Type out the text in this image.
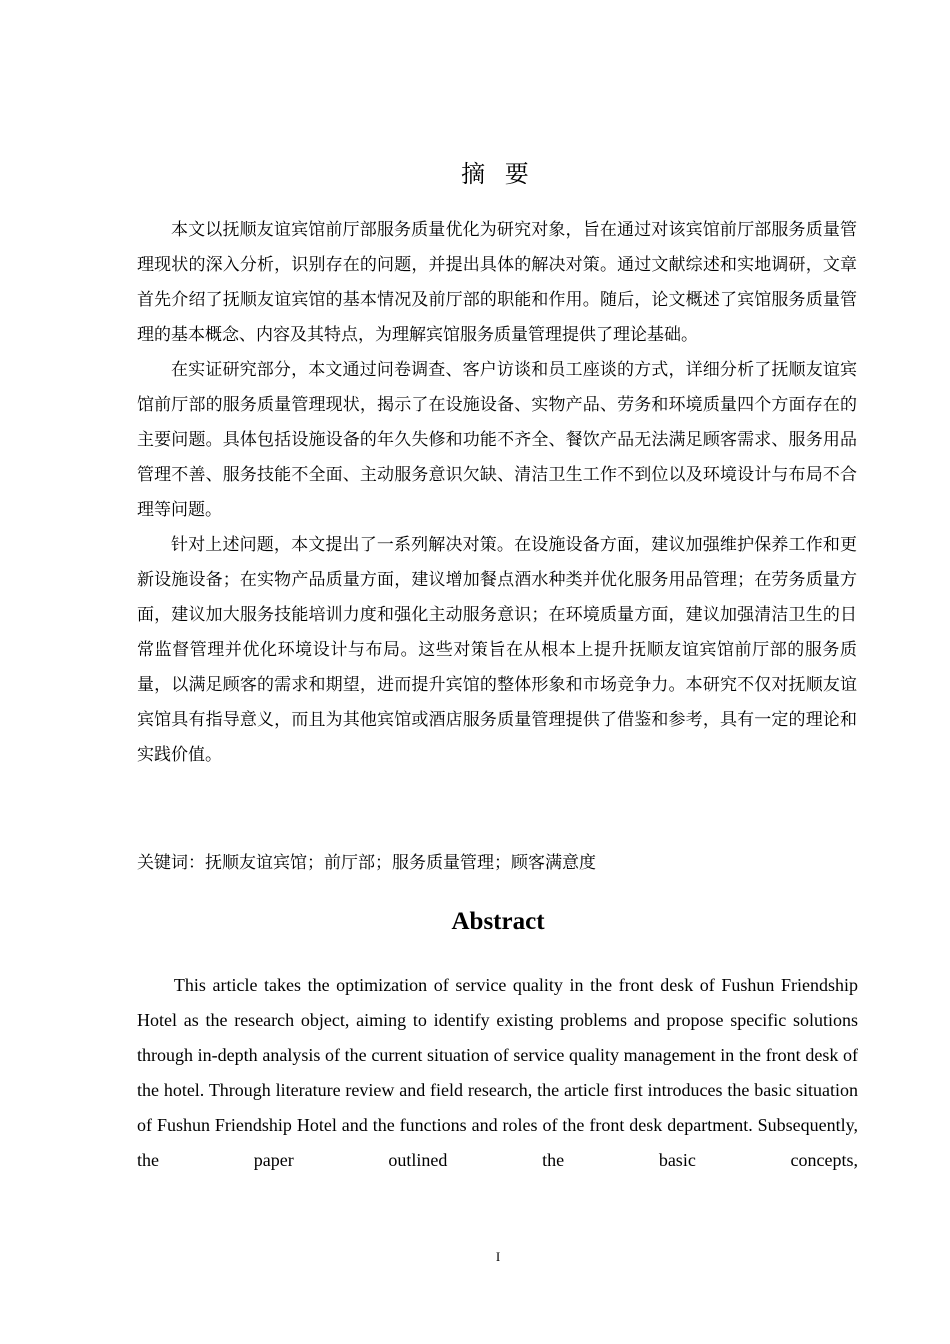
摘 要

本文以抚顺友谊宾馆前厅部服务质量优化为研究对象，旨在通过对该宾馆前厅部服务质量管理现状的深入分析，识别存在的问题，并提出具体的解决对策。通过文献综述和实地调研，文章首先介绍了抚顺友谊宾馆的基本情况及前厅部的职能和作用。随后，论文概述了宾馆服务质量管理的基本概念、内容及其特点，为理解宾馆服务质量管理提供了理论基础。

在实证研究部分，本文通过问卷调查、客户访谈和员工座谈的方式，详细分析了抚顺友谊宾馆前厅部的服务质量管理现状，揭示了在设施设备、实物产品、劳务和环境质量四个方面存在的主要问题。具体包括设施设备的年久失修和功能不齐全、餐饮产品无法满足顾客需求、服务用品管理不善、服务技能不全面、主动服务意识欠缺、清洁卫生工作不到位以及环境设计与布局不合理等问题。

针对上述问题，本文提出了一系列解决对策。在设施设备方面，建议加强维护保养工作和更新设施设备；在实物产品质量方面，建议增加餐点酒水种类并优化服务用品管理；在劳务质量方面，建议加大服务技能培训力度和强化主动服务意识；在环境质量方面，建议加强清洁卫生的日常监督管理并优化环境设计与布局。这些对策旨在从根本上提升抚顺友谊宾馆前厅部的服务质量，以满足顾客的需求和期望，进而提升宾馆的整体形象和市场竞争力。本研究不仅对抚顺友谊宾馆具有指导意义，而且为其他宾馆或酒店服务质量管理提供了借鉴和参考，具有一定的理论和实践价值。

关键词：抚顺友谊宾馆；前厅部；服务质量管理；顾客满意度
Abstract

This article takes the optimization of service quality in the front desk of Fushun Friendship Hotel as the research object, aiming to identify existing problems and propose specific solutions through in-depth analysis of the current situation of service quality management in the front desk of the hotel. Through literature review and field research, the article first introduces the basic situation of Fushun Friendship Hotel and the functions and roles of the front desk department. Subsequently, the paper outlined the basic concepts,

I
